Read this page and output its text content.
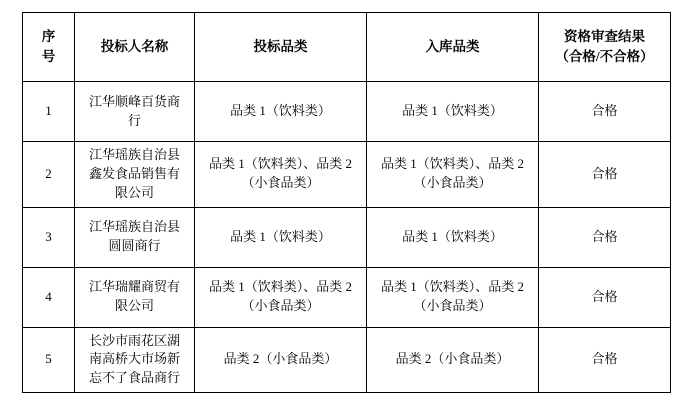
序
号	投标人名称	投标品类	入库品类	资格审查结果
（合格/不合格）

1	江华顺峰百货商
行	品类 1（饮料类）	品类 1（饮料类）	合格
2	江华瑶族自治县
鑫发食品销售有
限公司	品类 1（饮料类）、品类 2
（小食品类）	品类 1（饮料类）、品类 2
（小食品类）	合格
3	江华瑶族自治县
圆圆商行	品类 1（饮料类）	品类 1（饮料类）	合格
4	江华瑞耀商贸有
限公司	品类 1（饮料类）、品类 2
（小食品类）	品类 1（饮料类）、品类 2
（小食品类）	合格
5	长沙市雨花区湖
南高桥大市场新
忘不了食品商行	品类 2（小食品类）	品类 2（小食品类）	合格
